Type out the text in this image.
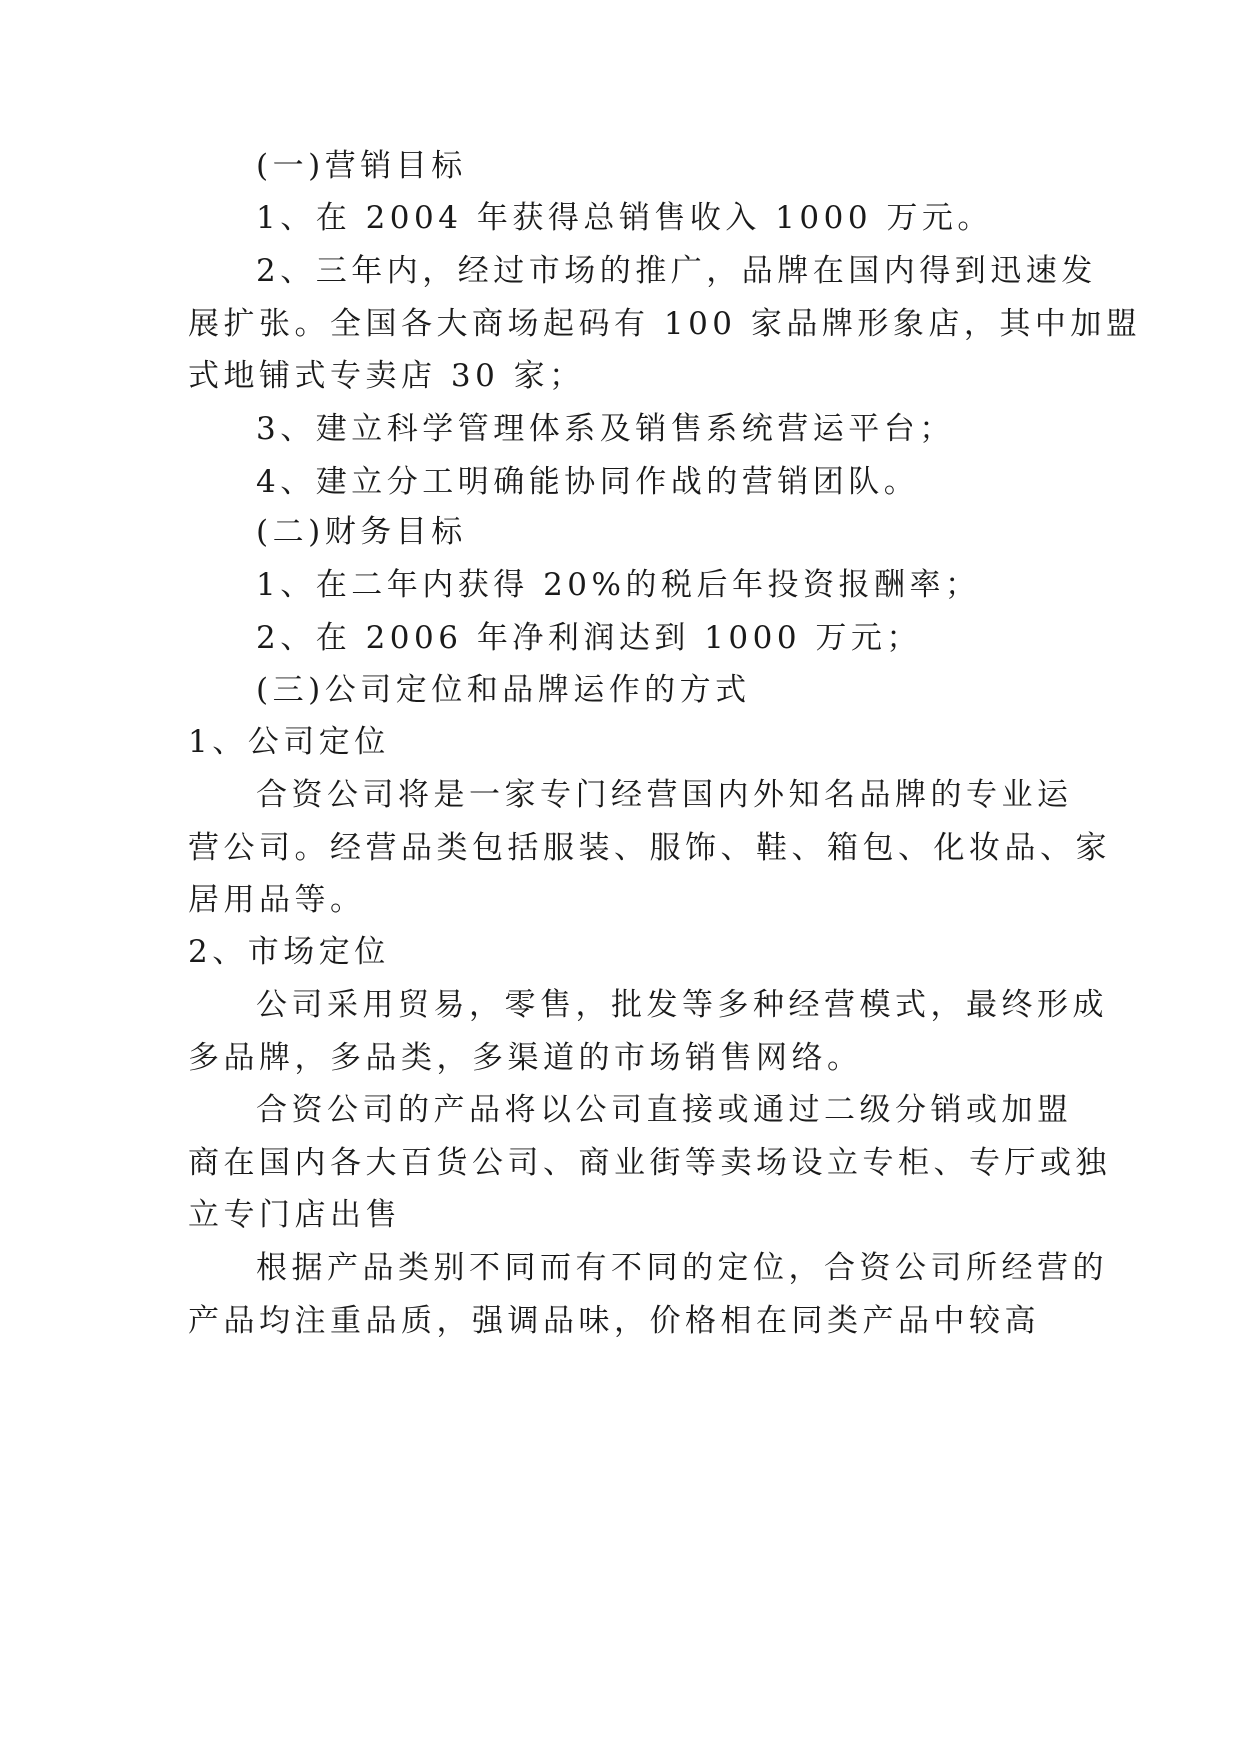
(一)营销目标

1、在 2004 年获得总销售收入 1000 万元。

2、三年内，经过市场的推广，品牌在国内得到迅速发

展扩张。全国各大商场起码有 100 家品牌形象店，其中加盟

式地铺式专卖店 30 家；

3、建立科学管理体系及销售系统营运平台；

4、建立分工明确能协同作战的营销团队。

(二)财务目标

1、在二年内获得 20%的税后年投资报酬率；

2、在 2006 年净利润达到 1000 万元；

(三)公司定位和品牌运作的方式

1、公司定位

合资公司将是一家专门经营国内外知名品牌的专业运

营公司。经营品类包括服装、服饰、鞋、箱包、化妆品、家

居用品等。

2、市场定位

公司采用贸易，零售，批发等多种经营模式，最终形成

多品牌，多品类，多渠道的市场销售网络。

合资公司的产品将以公司直接或通过二级分销或加盟

商在国内各大百货公司、商业街等卖场设立专柜、专厅或独

立专门店出售

根据产品类别不同而有不同的定位，合资公司所经营的

产品均注重品质，强调品味，价格相在同类产品中较高
